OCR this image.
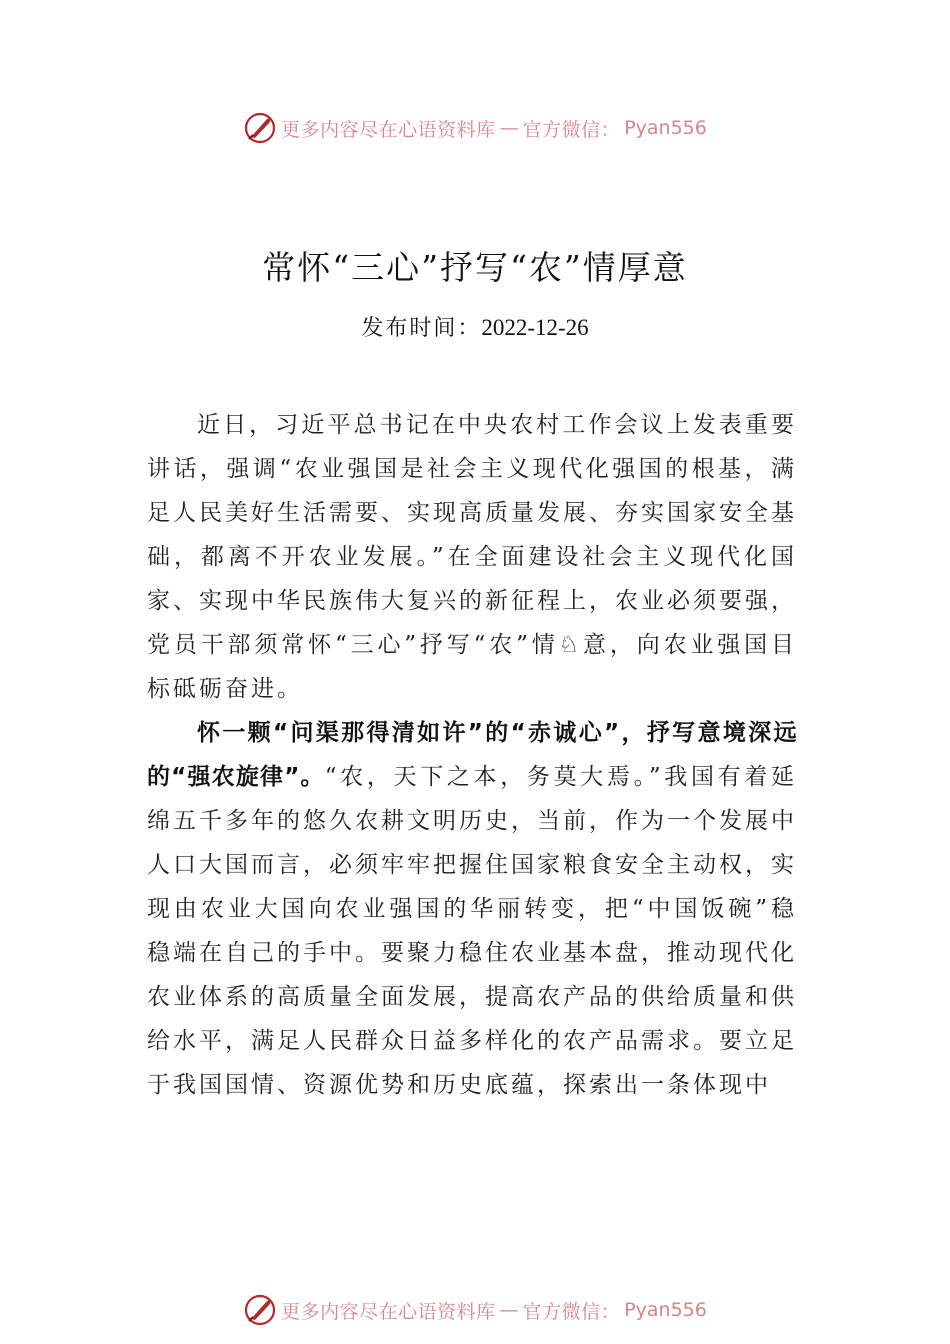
更多内容尽在心语资料库 — 官方微信： Pyan556
常怀“三心”抒写“农”情厚意
发布时间：2022-12-26

近日，习近平总书记在中央农村工作会议上发表重要讲话，强调“农业强国是社会主义现代化强国的根基，满足人民美好生活需要、实现高质量发展、夯实国家安全基础，都离不开农业发展。”在全面建设社会主义现代化国家、实现中华民族伟大复兴的新征程上，农业必须要强，党员干部须常怀“三心”抒写“农”情♘意，向农业强国目标砥砺奋进。

怀一颗“问渠那得清如许”的“赤诚心”，抒写意境深远的“强农旋律”。“农，天下之本，务莫大焉。”我国有着延绵五千多年的悠久农耕文明历史，当前，作为一个发展中人口大国而言，必须牢牢把握住国家粮食安全主动权，实现由农业大国向农业强国的华丽转变，把“中国饭碗”稳稳端在自己的手中。要聚力稳住农业基本盘，推动现代化农业体系的高质量全面发展，提高农产品的供给质量和供给水平，满足人民群众日益多样化的农产品需求。要立足于我国国情、资源优势和历史底蕴，探索出一条体现中

更多内容尽在心语资料库 — 官方微信： Pyan556
